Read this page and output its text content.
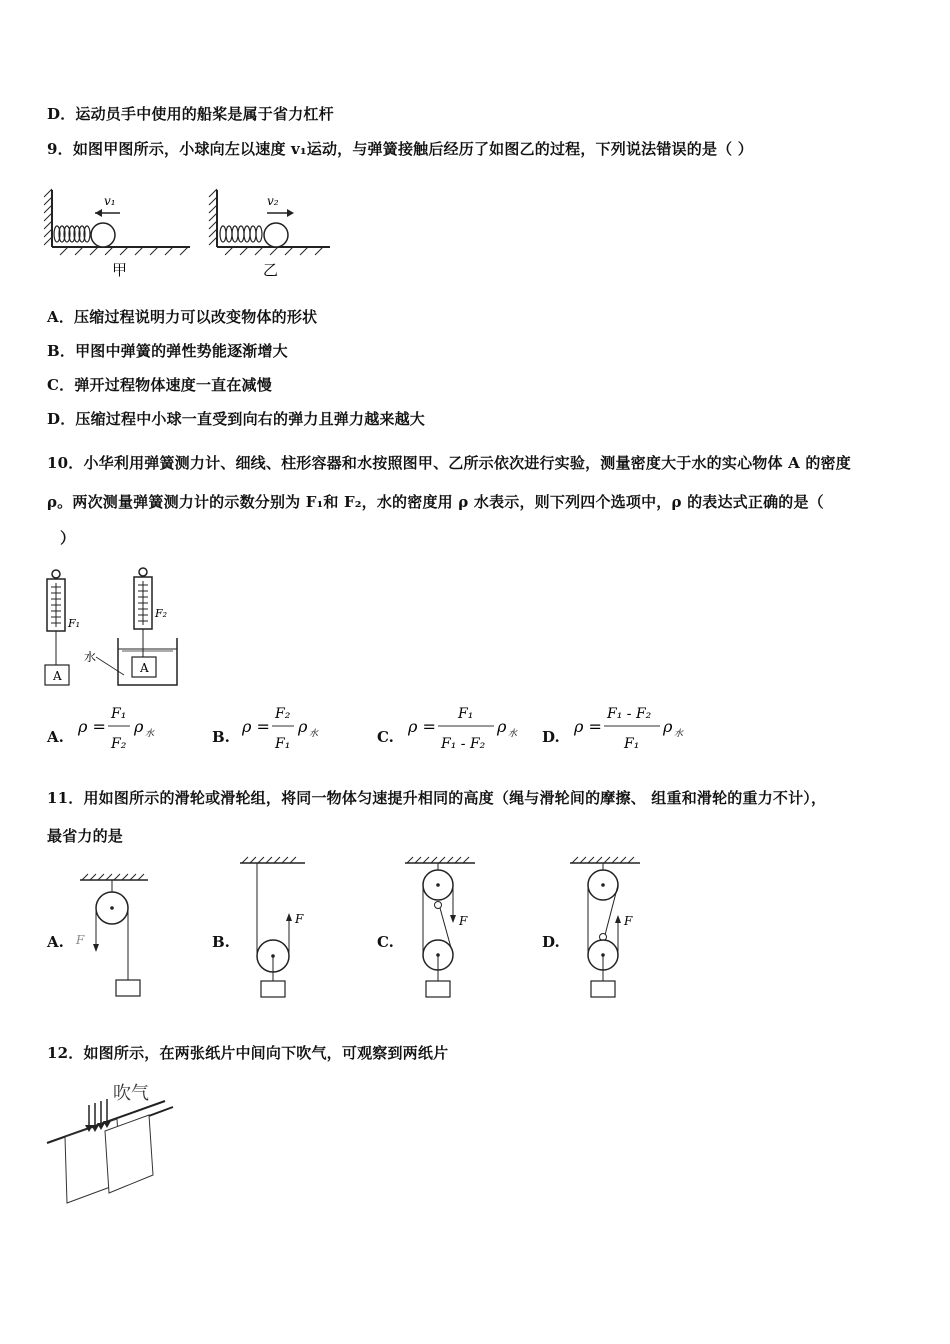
D．运动员手中使用的船桨是属于省力杠杆
9．如图甲图所示，小球向左以速度 v₁运动，与弹簧接触后经历了如图乙的过程，下列说法错误的是（ ）
v₁
甲
v₂
乙
A．压缩过程说明力可以改变物体的形状
B．甲图中弹簧的弹性势能逐渐增大
C．弹开过程物体速度一直在减慢
D．压缩过程中小球一直受到向右的弹力且弹力越来越大
10．小华利用弹簧测力计、细线、柱形容器和水按照图甲、乙所示依次进行实验，测量密度大于水的实心物体 A 的密度
ρ。两次测量弹簧测力计的示数分别为 F₁和 F₂，水的密度用 ρ 水表示，则下列四个选项中，ρ 的表达式正确的是（
）
A
F₁
F₂
A
水
A.
ρ =
F₁
F₂
ρ 水	B.
ρ =
F₂
F₁
ρ 水	C.
ρ =
F₁
F₁ - F₂
ρ 水 D.
ρ =
F₁ - F₂
F₁
ρ 水
11．用如图所示的滑轮或滑轮组，将同一物体匀速提升相同的高度（绳与滑轮间的摩擦、 组重和滑轮的重力不计），
最省力的是
A. F	B.
F
C.
F
D.
F
12．如图所示，在两张纸片中间向下吹气，可观察到两纸片
吹气
